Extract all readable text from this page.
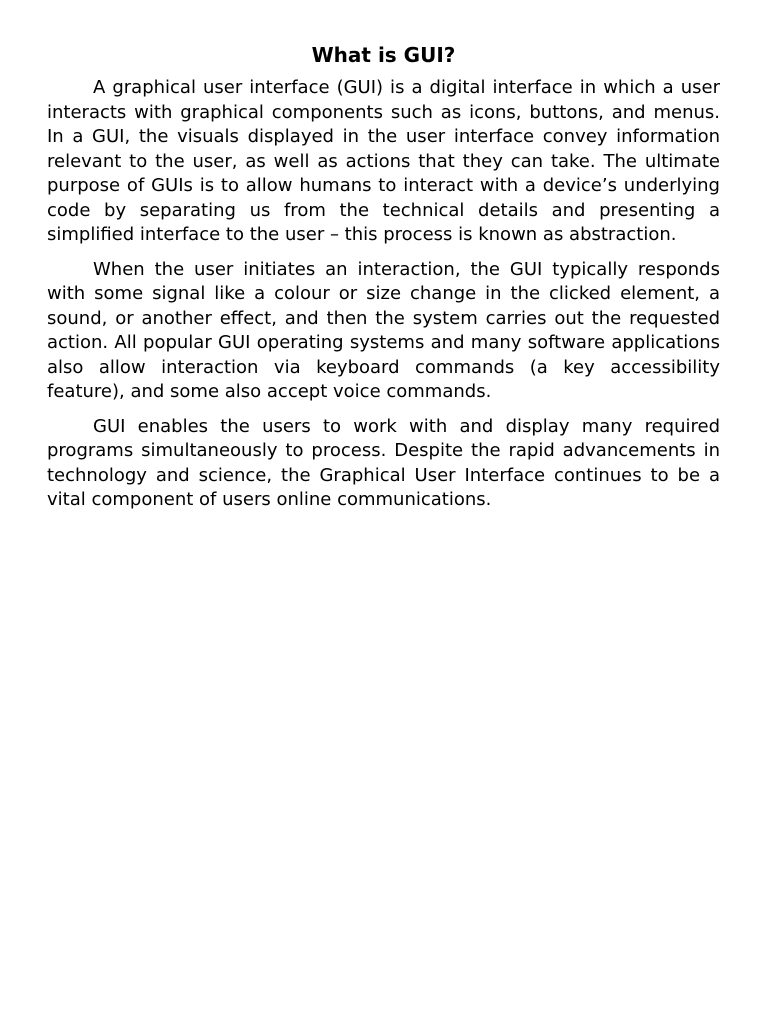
What is GUI?

A graphical user interface (GUI) is a digital interface in which a user interacts with graphical components such as icons, buttons, and menus. In a GUI, the visuals displayed in the user interface convey information relevant to the user, as well as actions that they can take. The ultimate purpose of GUIs is to allow humans to interact with a device’s underlying code by separating us from the technical details and presenting a simplified interface to the user – this process is known as abstraction.

When the user initiates an interaction, the GUI typically responds with some signal like a colour or size change in the clicked element, a sound, or another effect, and then the system carries out the requested action. All popular GUI operating systems and many software applications also allow interaction via keyboard commands (a key accessibility feature), and some also accept voice commands.

GUI enables the users to work with and display many required programs simultaneously to process. Despite the rapid advancements in technology and science, the Graphical User Interface continues to be a vital component of users online communications.
